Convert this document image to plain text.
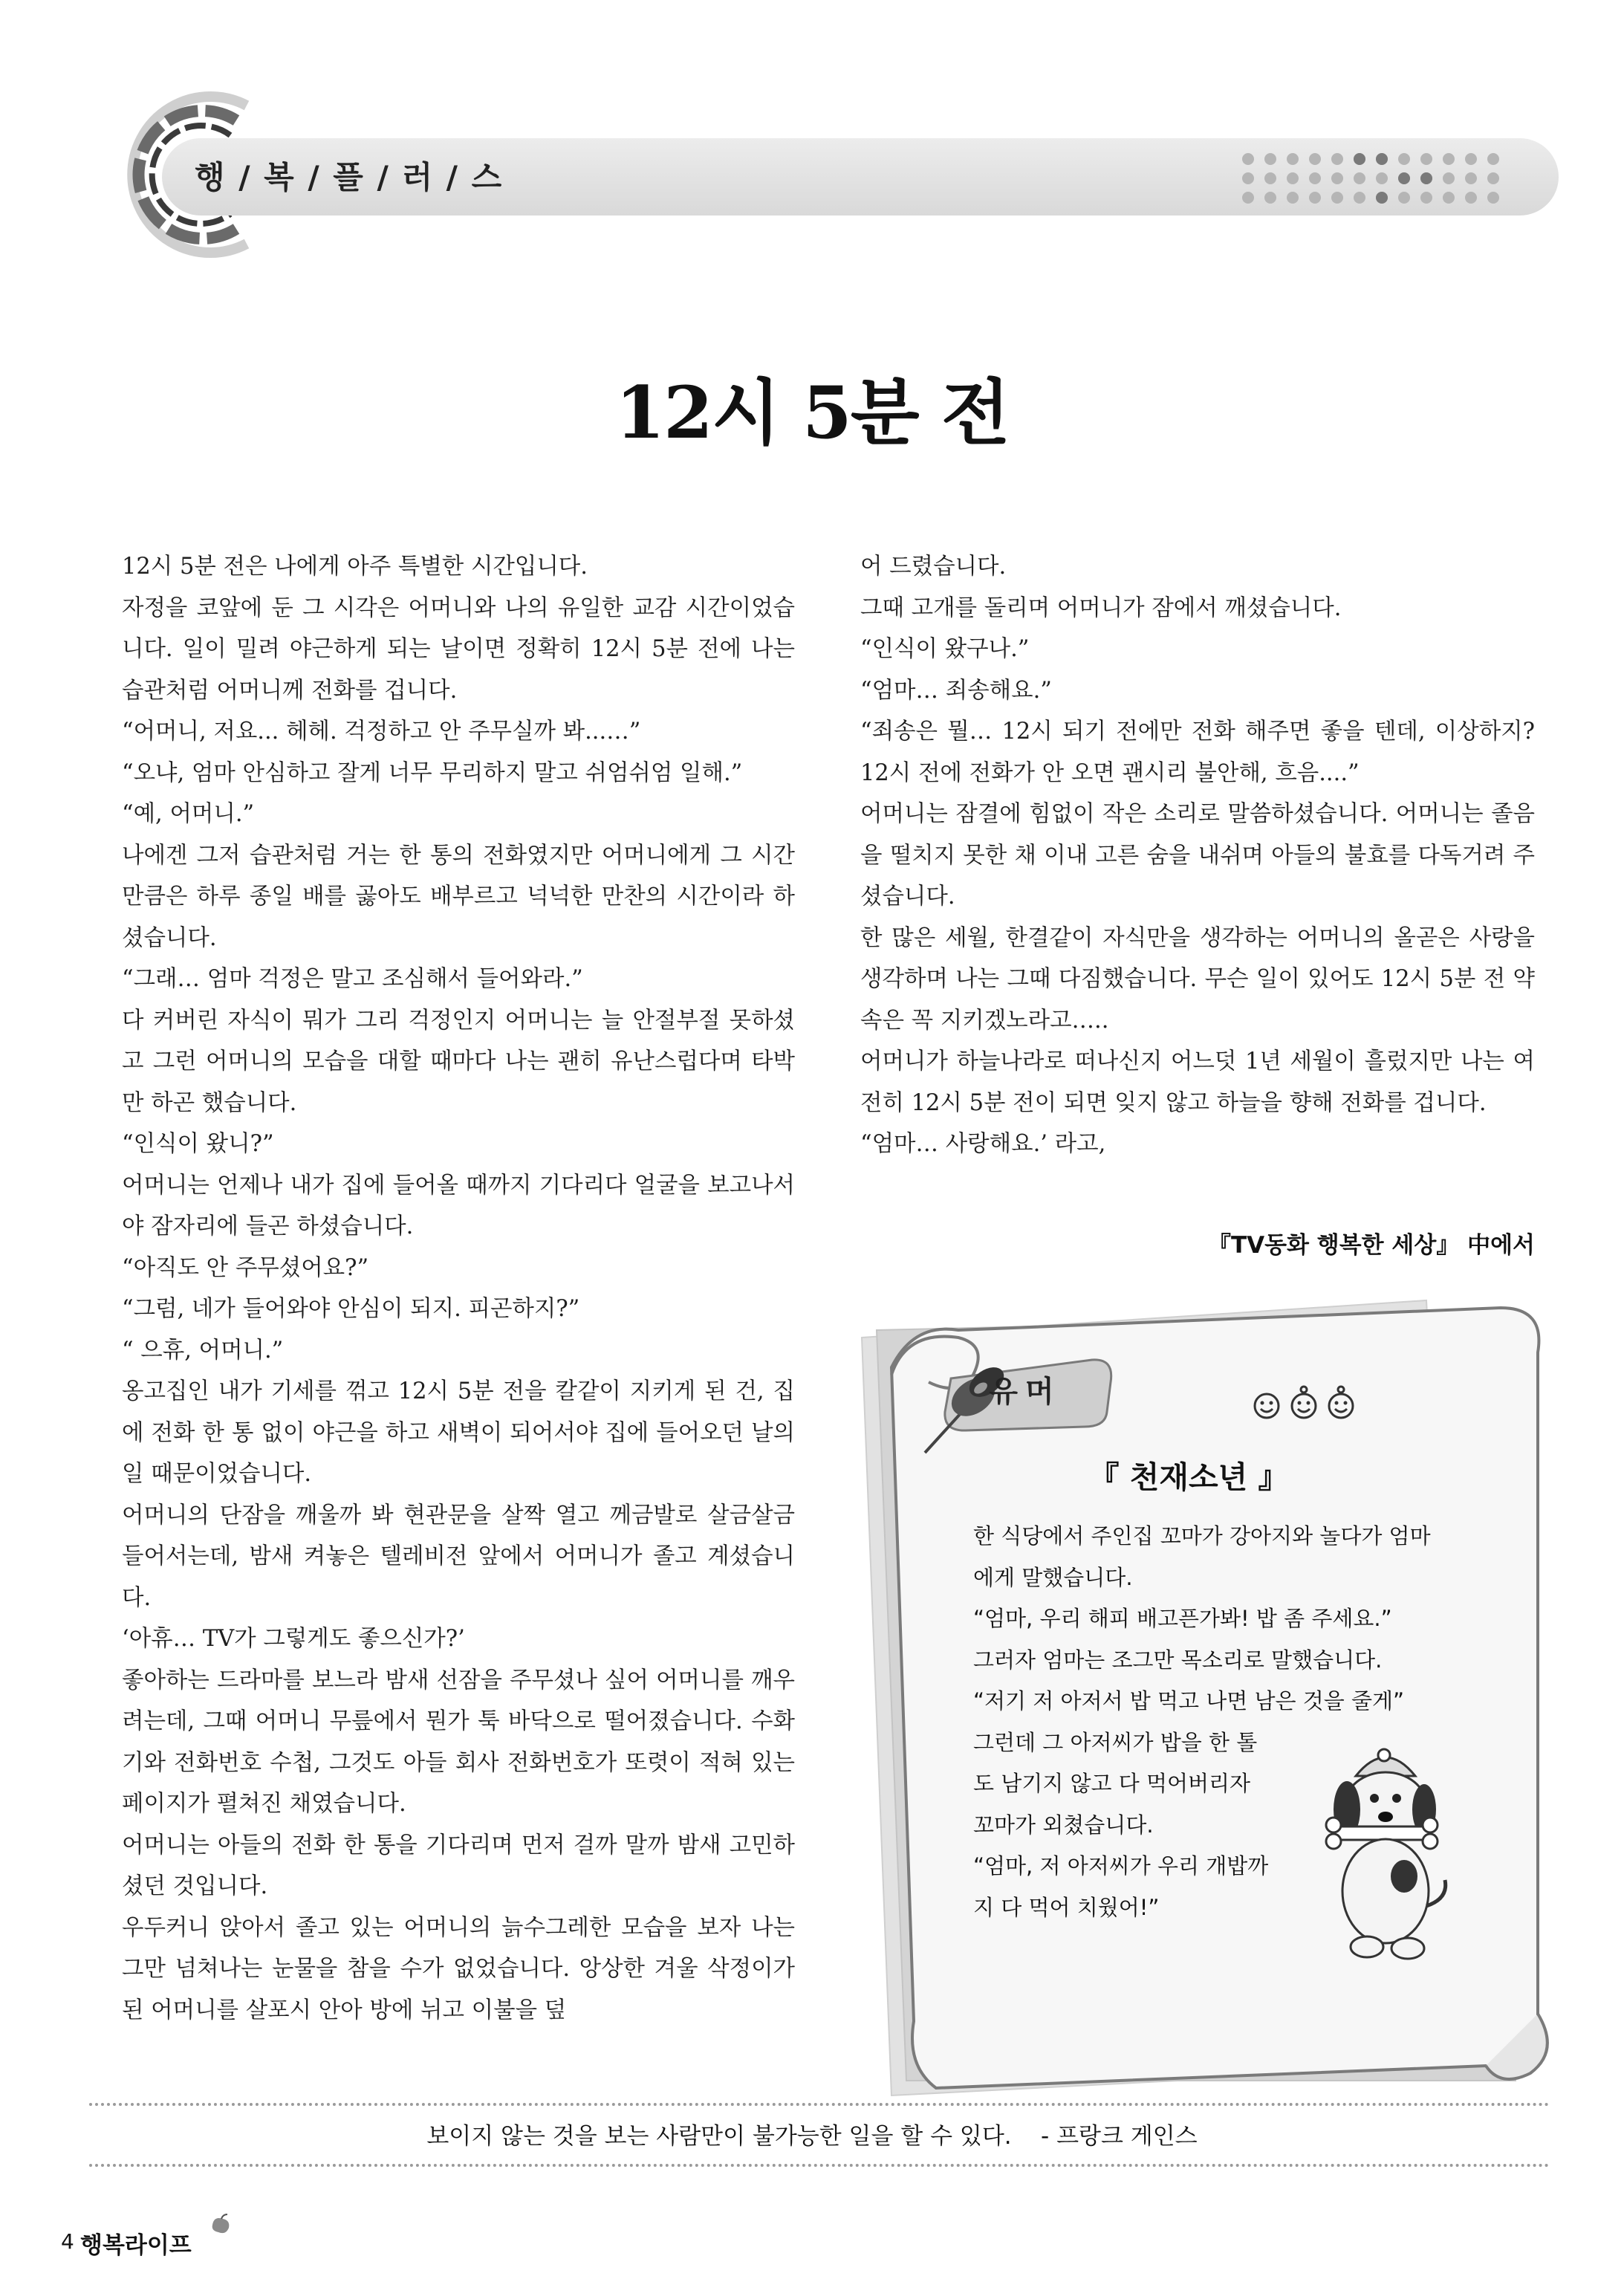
행 / 복 / 플 / 러 / 스
12시 5분 전

12시 5분 전은 나에게 아주 특별한 시간입니다.

자정을 코앞에 둔 그 시각은 어머니와 나의 유일한 교감 시간이었습니다. 일이 밀려 야근하게 되는 날이면 정확히 12시 5분 전에 나는 습관처럼 어머니께 전화를 겁니다.

“어머니, 저요... 헤헤. 걱정하고 안 주무실까 봐...…”

“오냐, 엄마 안심하고 잘게 너무 무리하지 말고 쉬엄쉬엄 일해.”

“예, 어머니.”

나에겐 그저 습관처럼 거는 한 통의 전화였지만 어머니에게 그 시간만큼은 하루 종일 배를 곯아도 배부르고 넉넉한 만찬의 시간이라 하셨습니다.

“그래… 엄마 걱정은 말고 조심해서 들어와라.”

다 커버린 자식이 뭐가 그리 걱정인지 어머니는 늘 안절부절 못하셨고 그런 어머니의 모습을 대할 때마다 나는 괜히 유난스럽다며 타박만 하곤 했습니다.

“인식이 왔니?”

어머니는 언제나 내가 집에 들어올 때까지 기다리다 얼굴을 보고나서야 잠자리에 들곤 하셨습니다.

“아직도 안 주무셨어요?”

“그럼, 네가 들어와야 안심이 되지. 피곤하지?”

“ 으휴, 어머니.”

옹고집인 내가 기세를 꺾고 12시 5분 전을 칼같이 지키게 된 건, 집에 전화 한 통 없이 야근을 하고 새벽이 되어서야 집에 들어오던 날의 일 때문이었습니다.

어머니의 단잠을 깨울까 봐 현관문을 살짝 열고 께금발로 살금살금 들어서는데, 밤새 켜놓은 텔레비전 앞에서 어머니가 졸고 계셨습니다.

‘아휴… TV가 그렇게도 좋으신가?’

좋아하는 드라마를 보느라 밤새 선잠을 주무셨나 싶어 어머니를 깨우려는데, 그때 어머니 무릎에서 뭔가 툭 바닥으로 떨어졌습니다. 수화기와 전화번호 수첩, 그것도 아들 회사 전화번호가 또렷이 적혀 있는 페이지가 펼쳐진 채였습니다.

어머니는 아들의 전화 한 통을 기다리며 먼저 걸까 말까 밤새 고민하셨던 것입니다.

우두커니 앉아서 졸고 있는 어머니의 늙수그레한 모습을 보자 나는 그만 넘쳐나는 눈물을 참을 수가 없었습니다. 앙상한 겨울 삭정이가 된 어머니를 살포시 안아 방에 뉘고 이불을 덮

어 드렸습니다.

그때 고개를 돌리며 어머니가 잠에서 깨셨습니다.

“인식이 왔구나.”

“엄마… 죄송해요.”

“죄송은 뭘… 12시 되기 전에만 전화 해주면 좋을 텐데, 이상하지? 12시 전에 전화가 안 오면 괜시리 불안해, 흐음....”

어머니는 잠결에 힘없이 작은 소리로 말씀하셨습니다. 어머니는 졸음을 떨치지 못한 채 이내 고른 숨을 내쉬며 아들의 불효를 다독거려 주셨습니다.

한 많은 세월, 한결같이 자식만을 생각하는 어머니의 올곧은 사랑을 생각하며 나는 그때 다짐했습니다. 무슨 일이 있어도 12시 5분 전 약속은 꼭 지키겠노라고…..

어머니가 하늘나라로 떠나신지 어느덧 1년 세월이 흘렀지만 나는 여전히 12시 5분 전이 되면 잊지 않고 하늘을 향해 전화를 겁니다.

“엄마… 사랑해요.’ 라고,

『TV동화 행복한 세상』 中에서
유머
『 천재소년 』

한 식당에서 주인집 꼬마가 강아지와 놀다가 엄마에게 말했습니다.

“엄마, 우리 해피 배고픈가봐! 밥 좀 주세요.”

그러자 엄마는 조그만 목소리로 말했습니다.

“저기 저 아저서 밥 먹고 나면 남은 것을 줄게”

그런데 그 아저씨가 밥을 한 톨도 남기지 않고 다 먹어버리자 꼬마가 외쳤습니다.

“엄마, 저 아저씨가 우리 개밥까지 다 먹어 치웠어!”

보이지 않는 것을 보는 사람만이 불가능한 일을 할 수 있다.    - 프랑크 게인스
4 행복라이프
